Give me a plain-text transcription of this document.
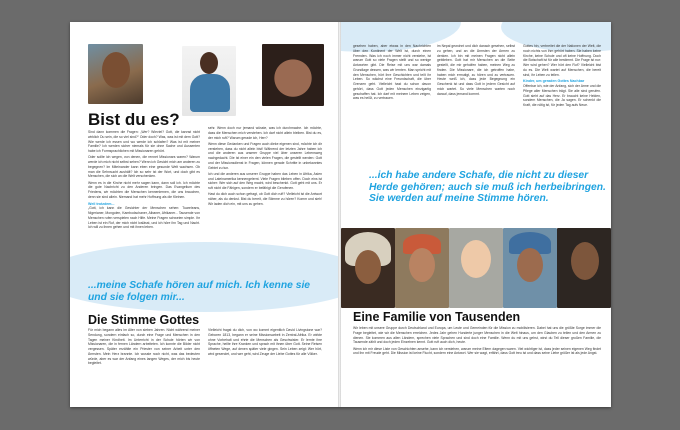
Bist du es?

Sind dann kommen die Fragen: „Wer? Wieviel? Gott, die kannst nicht wirklich Du sein, die so viel sind?“ Oder doch? Was, was ist mit dem Gott? Wie werde ich essen und wo werde ich schlafen? Was ist mit meiner Familie? Ich werden sicher niemals für sie ohne Sache und Aussenten habe ich Formsprachlichen mit Missionaren gehört.

Oder sollte ich wegen, von denen, die rennet Missionars waren? Warum werde ich mich nicht selbst sehen? Wenn ich Gesicht mich am anderen zu begegnen? Im Miteinander kann eben eine gesunde Welt wachsen. Ob man die Sehnsucht aushält? Ich so sehr ist der Wort, und doch gibt es Menschen, die sich an die Welt verschenken.

Wenn es in die Kirche nicht mehr sagen kann, dann soll ich. Ich möchte die gute Nachricht zu den Anderen bringen. Das Evangelium des Friedens, wir möchten die Menschen kennenlernen, die uns brauchen, denn sie sind allein. Niemand hat mehr Hoffnung als die Kleinen.

Weil trotzdem...

„Gott, ich kann die Gesichter der Menschen sehen: Tuareleans, Nigerianer, Mongolen, Kambodschaner, Albaner, Afrikaner... Tausende von Menschen rufen verspielen nach Hilfe. Meine Fragen schweien simple. Ihr Leben ist ein Ruf, der mich nicht loslässt, und ich höre ihn Tag und Nacht. Ich will zu ihnen gehen und mit ihnen leben.

sehr. Wenn doch nur jemand wüsste, was ich durchmache. Ich möchte, dass die Menschen mich verstehen. Ich darf nicht allein bleiben. Bist du es, der mich ruft? Warum gerade ich, Herr?

Wenn diese Gedanken und Fragen auch dieke eigenen sind, möchte ich dir verstehen, dass du nicht allein bist! Während der letzten Jahre haben ich und die anderen aus unserer Gruppe viel über unseren Lebensweg nachgedacht. Die ist einer ein den vielen Fragen, die gestellt werden: Gott und der Missionsdienst in Fragen, können gerade Schritte in unbekanntes Gebiet zu tun.

Ich und die anderen aus unserer Gruppe haben das Leben in Afrika, Asien und Lateinamerika kennengelernt. Viele Fragen blieben offen. Doch eins ist sicher: Wer sich auf den Weg macht, wird beschenkt. Gott geht mit uns. Er ruft nicht die Fähigen, sondern er befähigt die Gerufenen.

Hast du dich auch schon gefragt, ob Gott dich ruft? Vielleicht ist die Antwort näher, als du denkst. Bist du bereit, die Stimme zu hören? Komm und sieh! Wir laden dich ein, mit uns zu gehen.

...meine Schafe hören auf mich. Ich kenne sie und sie folgen mir...

Die Stimme Gottes

Für mich begann alles im Alter von sieben Jahren. Nicht während meiner Sendung, sondern einfach so, durch eine Frage und Menschen in den Tagen meiner Kindheit. Im Unterricht in der Schule hörten wir von Missionaren, die in fernen Ländern arbeiteten. Ich konnte die Bilder nicht vergessen. Später erzählte ein Priester von seiner Arbeit unter den Ärmsten. Mein Herz brannte. Ich wusste noch nicht, was das bedeuten würde, aber es war der Anfang eines langen Weges, der mich bis heute begleitet.

Vielleicht fragst du dich, von wo kommt eigentlich David Livingstone war? Geboren 1813, begann er seine Missionsarbeit in Zentral-Afrika. Er wirkte ohne Vorbehalt und ehrte die Menschen als Geschwister. Er lernte ihre Sprache, heilte ihre Kranken und sprach mit ihnen über Gott. Seine Reisen öffneten Wege, auf denen später viele gingen. Sein Leben zeigt: Wer hört, wird gesendet, und wer geht, wird Zeuge der Liebe Gottes für alle Völker.

gesehen haben, aber etwas in den Nachrichten über den Kontinent der Welt ist, durch einen Fremden. Was ich noch immer nicht verstehe, ist warum Gott so viele Fragen stellt und so wenige Antworten gibt. Die Reise mit uns war damals Grundlage dessen, was wir lernten. Man spricht mit den Menschen, hört ihre Geschichten und teilt ihr Leben. So wächst eine Freundschaft, die über Grenzen geht. Vielleicht hast du schon davon gehört, dass Gott jeden Menschen einzigartig geschaffen hat. Ich darf mit meinem Leben zeigen, was es heißt, zu vertrauen.

im Nepal gewohnt und dich danach gesehen, selbst zu gehen, und an die Ärmsten der Armen zu denken. Ich bin mit meinen Fragen nicht allein geblieben. Gott hat mir Menschen an die Seite gestellt, die mir geholfen haben, meinen Weg zu finden. Die Missionare, die ich getroffen habe, haben mich ermutigt, zu hören und zu vertrauen. Heute weiß ich, dass jede Begegnung ein Geschenk ist und dass Gott in jedem Gesicht auf mich wartet. So viele Menschen warten noch darauf, dass jemand kommt.

Gottes hin, verbreitet die der Nationen der Welt, die noch nichts von ihm gehört haben. Sie haben keine Kirche, keine Schule und oft keine Hoffnung. Doch die Botschaft ist für alle bestimmt. Die Frage ist nur: Wer wird gehen? Wer hört den Ruf? Vielleicht bist du es. Die Welt wartet auf Menschen, die bereit sind, ihr Leben zu teilen.

Kinder, um geraden Gottes Nachbar

Offenbar ich, wie der Anfang, sich der Arme und die Pflege aller Menschen trägt. Sie alle sind gerufen. Gott sieht auf das Herz. Er braucht keine Helden, sondern Menschen, die Ja sagen. Er schenkt die Kraft, die nötig ist, für jeden Tag aufs Neue.

...ich habe andere Schafe, die nicht zu dieser Herde gehören; auch sie muß ich herbeibringen. Sie werden auf meine Stimme hören.

Eine Familie von Tausenden

Wir leben mit unsere Gruppe durch Deutschland und Europa, um Leute und Gemeinden für die Mission zu mobilisieren. Dabei hat uns die größte Sorge immer die Frage begleitet, wie wir die Menschen erreichen. Jedes Jahr gehen Hunderte junger Menschen in die Welt hinaus, um den Glauben zu teilen und den Armen zu dienen. Sie kommen aus allen Ländern, sprechen viele Sprachen und sind doch eine Familie. Wenn du mit uns gehst, wirst du Teil dieser großen Familie, die Tausende zählt und doch jeden Einzelnen kennt. Gott ruft auch dich, heute.

Wenn ich mir diese Liste von Geschichten ansehe, kann ich verstehen, warum meine Eltern dagegen waren. Viel wichtiger ist, dass jeder seinen eigenen Weg findet und ihn mit Freude geht. Die Mission ist keine Flucht, sondern eine Antwort. Wer sie wagt, erfährt, dass Gott treu ist und dass seine Liebe größer ist als jede Angst.
